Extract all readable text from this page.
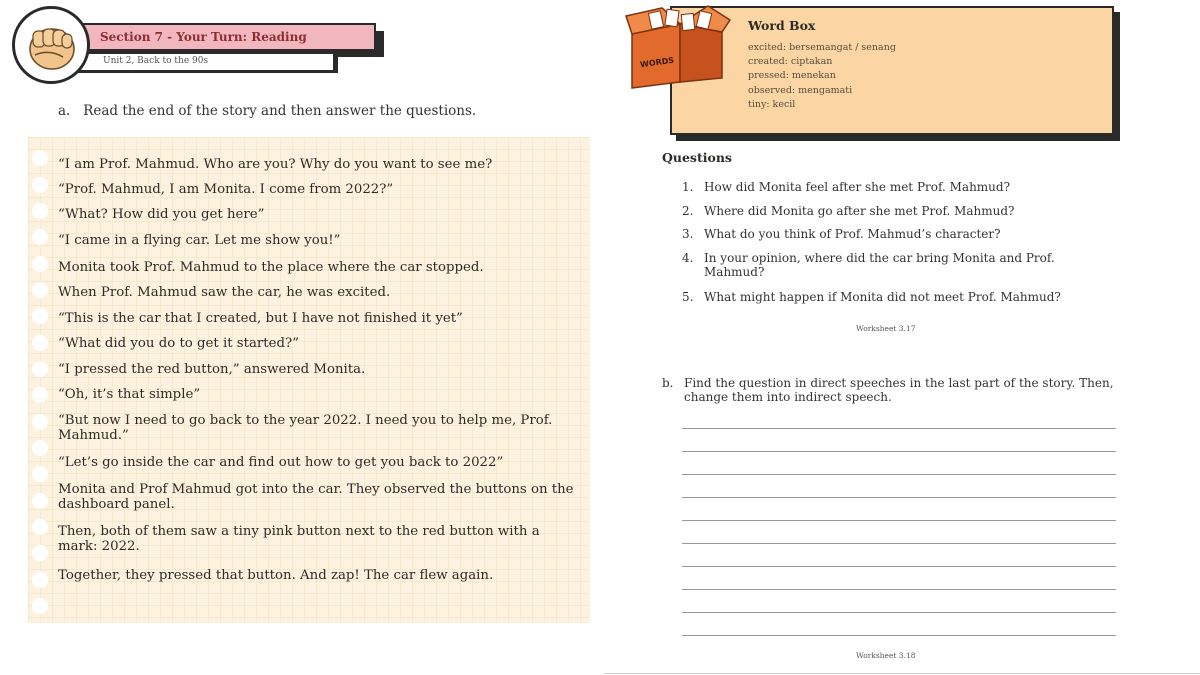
Section 7 - Your Turn: Reading
Unit 2, Back to the 90s
a. Read the end of the story and then answer the questions.

“I am Prof. Mahmud. Who are you? Why do you want to see me?

“Prof. Mahmud, I am Monita. I come from 2022?”

“What? How did you get here”

“I came in a flying car. Let me show you!”

Monita took Prof. Mahmud to the place where the car stopped.

When Prof. Mahmud saw the car, he was excited.

“This is the car that I created, but I have not finished it yet”

“What did you do to get it started?”

“I pressed the red button,” answered Monita.

“Oh, it’s that simple”

“But now I need to go back to the year 2022. I need you to help me, Prof. Mahmud.”

“Let’s go inside the car and find out how to get you back to 2022”

Monita and Prof Mahmud got into the car. They observed the buttons on the dashboard panel.

Then, both of them saw a tiny pink button next to the red button with a mark: 2022.

Together, they pressed that button. And zap! The car flew again.

WORDS
Word Box
excited: bersemangat / senang
created: ciptakan
pressed: menekan
observed: mengamati
tiny: kecil
Questions
1. How did Monita feel after she met Prof. Mahmud?
2. Where did Monita go after she met Prof. Mahmud?
3. What do you think of Prof. Mahmud’s character?
4. In your opinion, where did the car bring Monita and Prof. Mahmud?
5. What might happen if Monita did not meet Prof. Mahmud?
Worksheet 3.17
b. Find the question in direct speeches in the last part of the story. Then, change them into indirect speech.
Worksheet 3.18
